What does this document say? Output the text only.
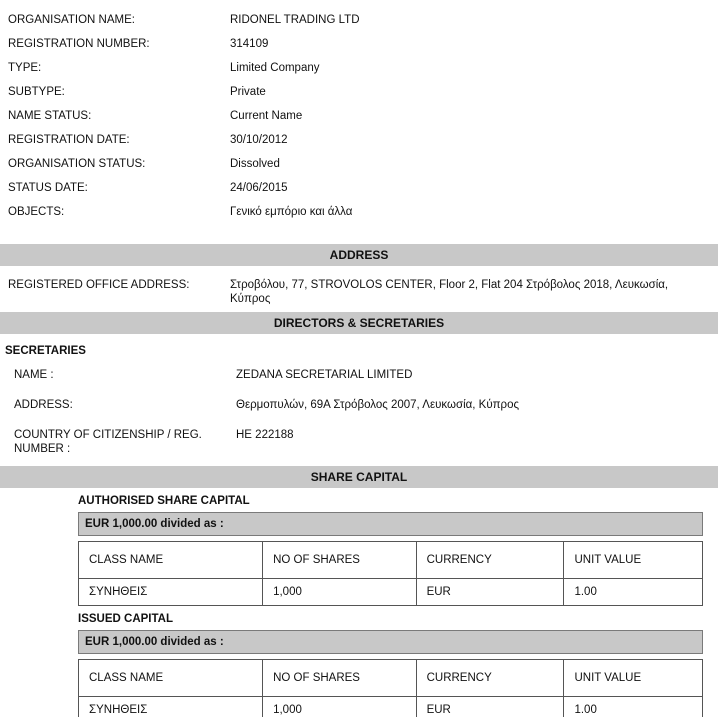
ORGANISATION NAME:	RIDONEL TRADING LTD
REGISTRATION NUMBER:	314109
TYPE:	Limited Company
SUBTYPE:	Private
NAME STATUS:	Current Name
REGISTRATION DATE:	30/10/2012
ORGANISATION STATUS:	Dissolved
STATUS DATE:	24/06/2015
OBJECTS:	Γενικό εμπόριο και άλλα
ADDRESS
REGISTERED OFFICE ADDRESS:	Στροβόλου, 77, STROVOLOS CENTER, Floor 2, Flat 204 Στρόβολος 2018, Λευκωσία, Κύπρος
DIRECTORS & SECRETARIES
SECRETARIES
NAME :	ZEDANA SECRETARIAL LIMITED
ADDRESS:	Θερμοπυλών, 69Α Στρόβολος 2007, Λευκωσία, Κύπρος
COUNTRY OF CITIZENSHIP / REG. NUMBER :
HE 222188
SHARE CAPITAL
AUTHORISED SHARE CAPITAL
EUR 1,000.00 divided as :
CLASS NAME	NO OF SHARES	CURRENCY	UNIT VALUE
ΣΥΝΗΘΕΙΣ	1,000	EUR	1.00
ISSUED CAPITAL
EUR 1,000.00 divided as :
CLASS NAME	NO OF SHARES	CURRENCY	UNIT VALUE
ΣΥΝΗΘΕΙΣ	1,000	EUR	1.00
